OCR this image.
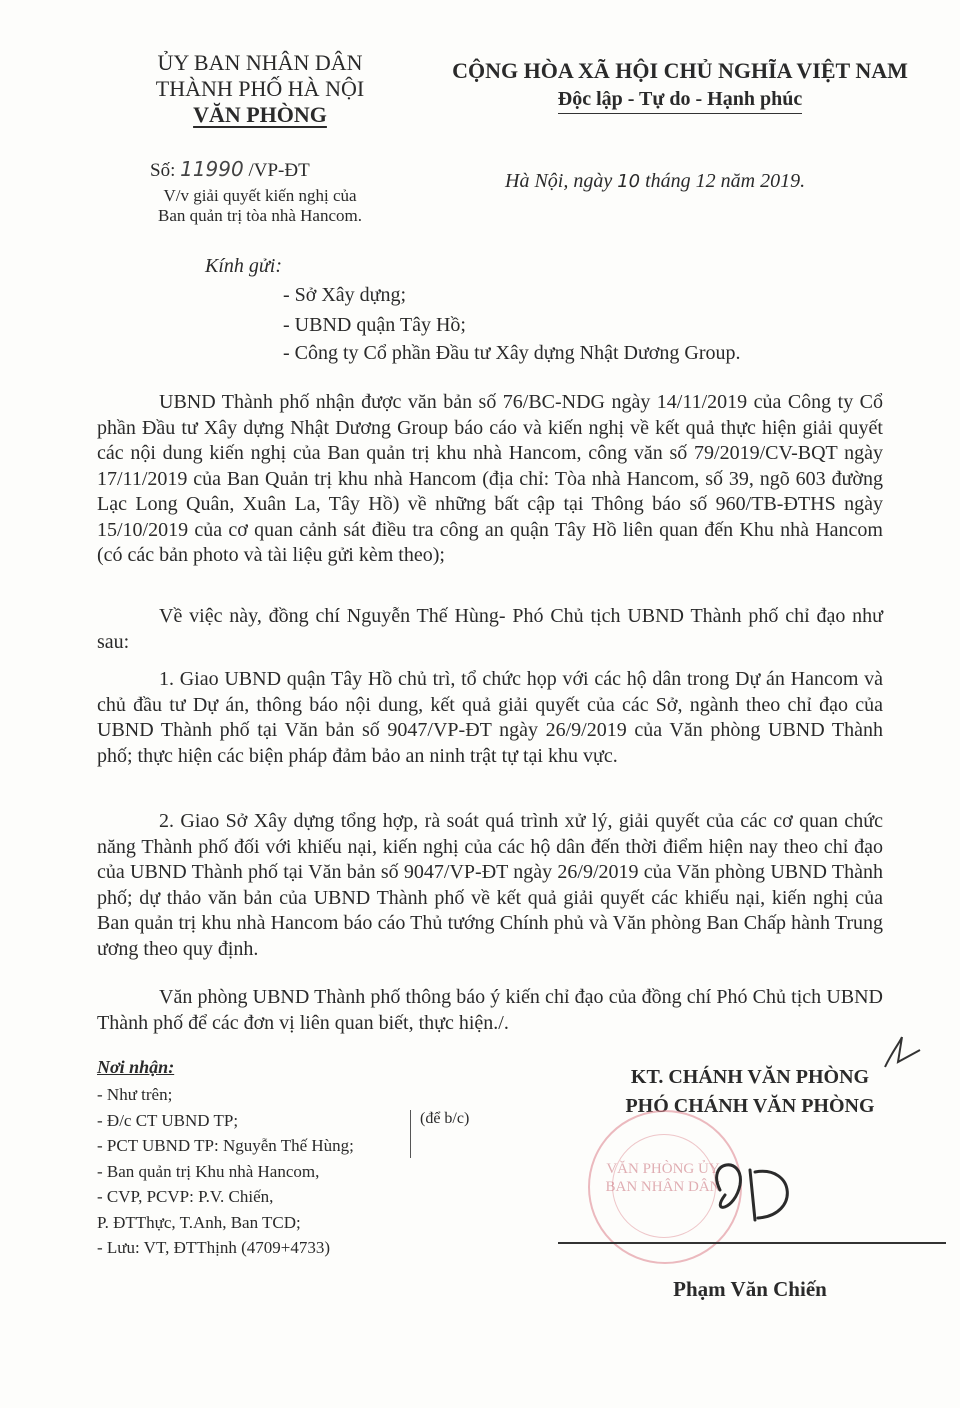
ỦY BAN NHÂN DÂN
THÀNH PHỐ HÀ NỘI
VĂN PHÒNG
CỘNG HÒA XÃ HỘI CHỦ NGHĨA VIỆT NAM
Độc lập - Tự do - Hạnh phúc
Số: 11990 /VP-ĐT
V/v giải quyết kiến nghị của
Ban quản trị tòa nhà Hancom.
Hà Nội, ngày 10 tháng 12 năm 2019.
Kính gửi:
- Sở Xây dựng;
- UBND quận Tây Hồ;
- Công ty Cổ phần Đầu tư Xây dựng Nhật Dương Group.

UBND Thành phố nhận được văn bản số 76/BC-NDG ngày 14/11/2019 của Công ty Cổ phần Đầu tư Xây dựng Nhật Dương Group báo cáo và kiến nghị về kết quả thực hiện giải quyết các nội dung kiến nghị của Ban quản trị khu nhà Hancom, công văn số 79/2019/CV-BQT ngày 17/11/2019 của Ban Quản trị khu nhà Hancom (địa chỉ: Tòa nhà Hancom, số 39, ngõ 603 đường Lạc Long Quân, Xuân La, Tây Hồ) về những bất cập tại Thông báo số 960/TB-ĐTHS ngày 15/10/2019 của cơ quan cảnh sát điều tra công an quận Tây Hồ liên quan đến Khu nhà Hancom (có các bản photo và tài liệu gửi kèm theo);

Về việc này, đồng chí Nguyễn Thế Hùng- Phó Chủ tịch UBND Thành phố chỉ đạo như sau:

1. Giao UBND quận Tây Hồ chủ trì, tổ chức họp với các hộ dân trong Dự án Hancom và chủ đầu tư Dự án, thông báo nội dung, kết quả giải quyết của các Sở, ngành theo chỉ đạo của UBND Thành phố tại Văn bản số 9047/VP-ĐT ngày 26/9/2019 của Văn phòng UBND Thành phố; thực hiện các biện pháp đảm bảo an ninh trật tự tại khu vực.

2. Giao Sở Xây dựng tổng hợp, rà soát quá trình xử lý, giải quyết của các cơ quan chức năng Thành phố đối với khiếu nại, kiến nghị của các hộ dân đến thời điểm hiện nay theo chỉ đạo của UBND Thành phố tại Văn bản số 9047/VP-ĐT ngày 26/9/2019 của Văn phòng UBND Thành phố; dự thảo văn bản của UBND Thành phố về kết quả giải quyết các khiếu nại, kiến nghị của Ban quản trị khu nhà Hancom báo cáo Thủ tướng Chính phủ và Văn phòng Ban Chấp hành Trung ương theo quy định.

Văn phòng UBND Thành phố thông báo ý kiến chỉ đạo của đồng chí Phó Chủ tịch UBND Thành phố để các đơn vị liên quan biết, thực hiện./.

Nơi nhận:
- Như trên;
- Đ/c CT UBND TP;
- PCT UBND TP: Nguyễn Thế Hùng;
- Ban quản trị Khu nhà Hancom,
- CVP, PCVP: P.V. Chiến,
P. ĐTThực, T.Anh, Ban TCD;
- Lưu: VT, ĐTThịnh (4709+4733)
(để b/c)
KT. CHÁNH VĂN PHÒNG
PHÓ CHÁNH VĂN PHÒNG
VĂN PHÒNG ỦY BAN NHÂN DÂN
Phạm Văn Chiến
